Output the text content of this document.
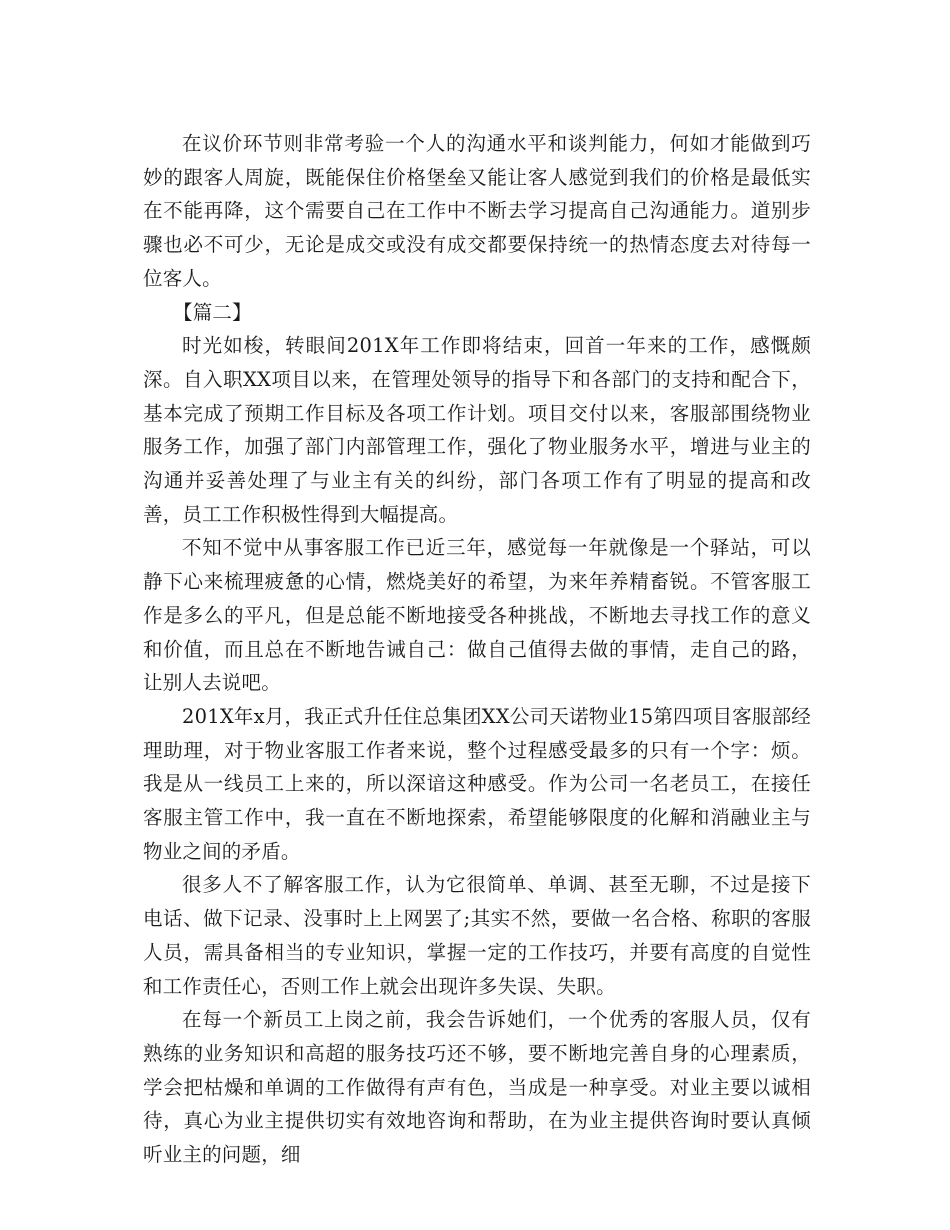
在议价环节则非常考验一个人的沟通水平和谈判能力，何如才能做到巧妙的跟客人周旋，既能保住价格堡垒又能让客人感觉到我们的价格是最低实在不能再降，这个需要自己在工作中不断去学习提高自己沟通能力。道别步骤也必不可少，无论是成交或没有成交都要保持统一的热情态度去对待每一位客人。

【篇二】

时光如梭，转眼间201X年工作即将结束，回首一年来的工作，感慨颇深。自入职XX项目以来，在管理处领导的指导下和各部门的支持和配合下，基本完成了预期工作目标及各项工作计划。项目交付以来，客服部围绕物业服务工作，加强了部门内部管理工作，强化了物业服务水平，增进与业主的沟通并妥善处理了与业主有关的纠纷，部门各项工作有了明显的提高和改善，员工工作积极性得到大幅提高。

不知不觉中从事客服工作已近三年，感觉每一年就像是一个驿站，可以静下心来梳理疲惫的心情，燃烧美好的希望，为来年养精畜锐。不管客服工作是多么的平凡，但是总能不断地接受各种挑战，不断地去寻找工作的意义和价值，而且总在不断地告诫自己：做自己值得去做的事情，走自己的路，让别人去说吧。

201X年x月，我正式升任住总集团XX公司天诺物业15第四项目客服部经理助理，对于物业客服工作者来说，整个过程感受最多的只有一个字：烦。我是从一线员工上来的，所以深谙这种感受。作为公司一名老员工，在接任客服主管工作中，我一直在不断地探索，希望能够限度的化解和消融业主与物业之间的矛盾。

很多人不了解客服工作，认为它很简单、单调、甚至无聊，不过是接下电话、做下记录、没事时上上网罢了;其实不然，要做一名合格、称职的客服人员，需具备相当的专业知识，掌握一定的工作技巧，并要有高度的自觉性和工作责任心，否则工作上就会出现许多失误、失职。

在每一个新员工上岗之前，我会告诉她们，一个优秀的客服人员，仅有熟练的业务知识和高超的服务技巧还不够，要不断地完善自身的心理素质，学会把枯燥和单调的工作做得有声有色，当成是一种享受。对业主要以诚相待，真心为业主提供切实有效地咨询和帮助，在为业主提供咨询时要认真倾听业主的问题，细
